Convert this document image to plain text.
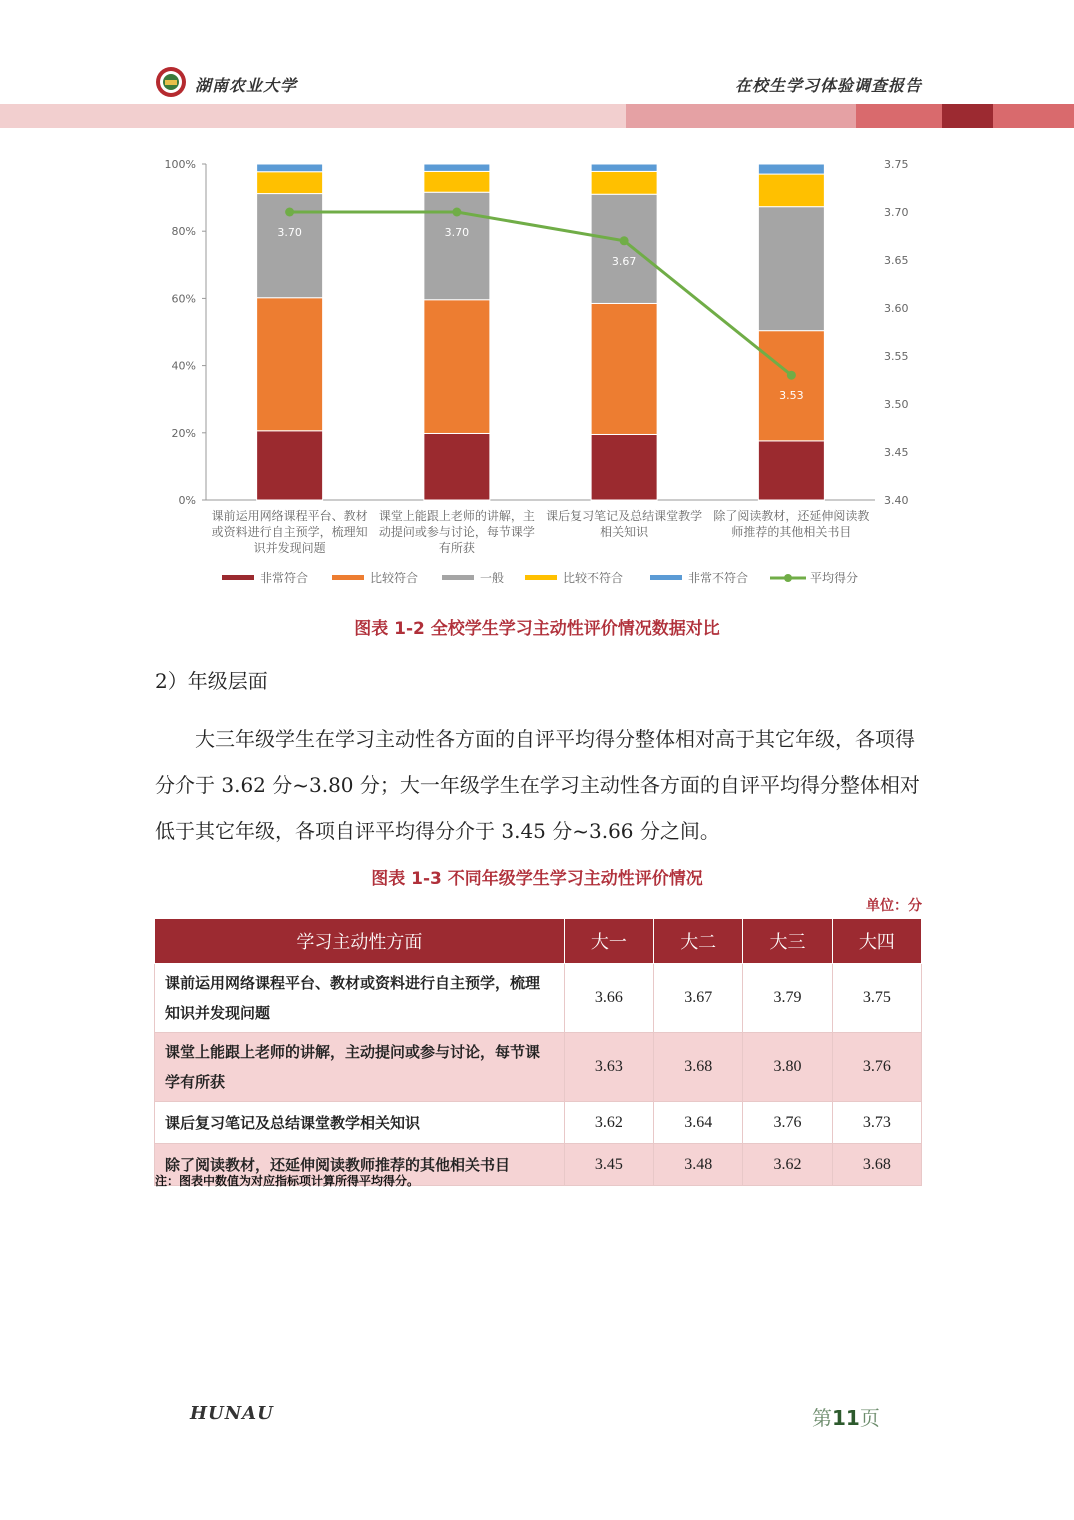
湖南农业大学	在校生学习体验调查报告
0%
20%
40%
60%
80%
100%
3.40
3.45
3.50
3.55
3.60
3.65
3.70
3.75
课前运用网络课程平台、教材
或资料进行自主预学，梳理知
识并发现问题
课堂上能跟上老师的讲解，主
动提问或参与讨论，每节课学
有所获
课后复习笔记及总结课堂教学
相关知识
除了阅读教材，还延伸阅读教
师推荐的其他相关书目
3.70	3.70
3.67
3.53
非常符合	比较符合	一般	比较不符合	非常不符合	平均得分
图表 1-2 全校学生学习主动性评价情况数据对比
2）年级层面
大三年级学生在学习主动性各方面的自评平均得分整体相对高于其它年级，各项得分介于 3.62 分~3.80 分；大一年级学生在学习主动性各方面的自评平均得分整体相对低于其它年级，各项自评平均得分介于 3.45 分~3.66 分之间。
图表 1-3 不同年级学生学习主动性评价情况
单位：分
学习主动性方面	大一	大二	大三	大四
课前运用网络课程平台、教材或资料进行自主预学，梳理知识并发现问题	3.66	3.67	3.79	3.75
课堂上能跟上老师的讲解，主动提问或参与讨论，每节课学有所获	3.63	3.68	3.80	3.76
课后复习笔记及总结课堂教学相关知识	3.62	3.64	3.76	3.73
除了阅读教材，还延伸阅读教师推荐的其他相关书目	3.45	3.48	3.62	3.68
注：图表中数值为对应指标项计算所得平均得分。
HUNAU	第11页
